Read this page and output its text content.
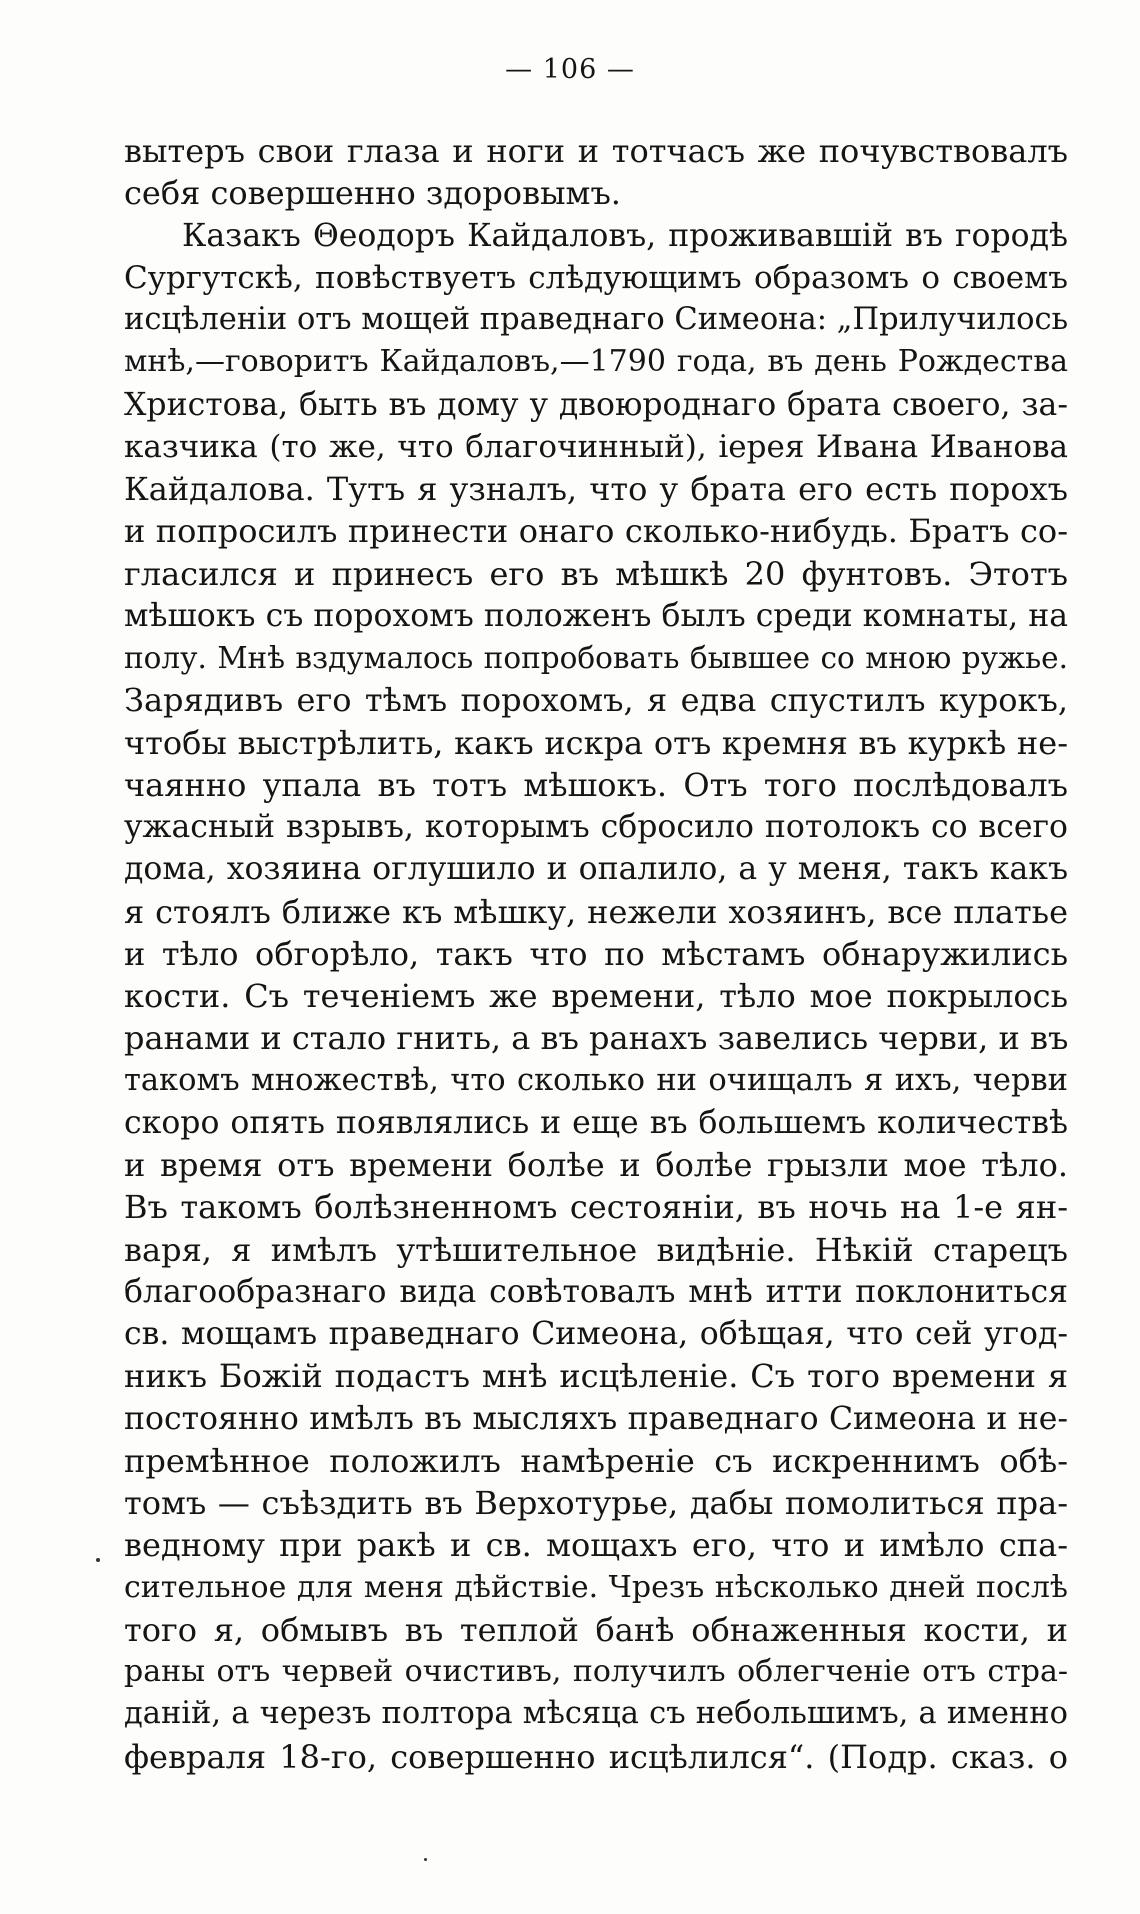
— 106 —
вытеръ свои глаза и ноги и тотчасъ же почувствовалъ
себя совершенно здоровымъ.
Казакъ Θеодоръ Кайдаловъ, проживавшій въ городѣ
Сургутскѣ, повѣствуетъ слѣдующимъ образомъ о своемъ
исцѣленіи отъ мощей праведнаго Симеона: „Прилучилось
мнѣ,—говоритъ Кайдаловъ,—1790 года, въ день Рождества
Христова, быть въ дому у двоюроднаго брата своего, за-
казчика (то же, что благочинный), іерея Ивана Иванова
Кайдалова. Тутъ я узналъ, что у брата его есть порохъ
и попросилъ принести онаго сколько-нибудь. Братъ со-
гласился и принесъ его въ мѣшкѣ 20 фунтовъ. Этотъ
мѣшокъ съ порохомъ положенъ былъ среди комнаты, на
полу. Мнѣ вздумалось попробовать бывшее со мною ружье.
Зарядивъ его тѣмъ порохомъ, я едва спустилъ курокъ,
чтобы выстрѣлить, какъ искра отъ кремня въ куркѣ не-
чаянно упала въ тотъ мѣшокъ. Отъ того послѣдовалъ
ужасный взрывъ, которымъ сбросило потолокъ со всего
дома, хозяина оглушило и опалило, а у меня, такъ какъ
я стоялъ ближе къ мѣшку, нежели хозяинъ, все платье
и тѣло обгорѣло, такъ что по мѣстамъ обнаружились
кости. Съ теченіемъ же времени, тѣло мое покрылось
ранами и стало гнить, а въ ранахъ завелись черви, и въ
такомъ множествѣ, что сколько ни очищалъ я ихъ, черви
скоро опять появлялись и еще въ большемъ количествѣ
и время отъ времени болѣе и болѣе грызли мое тѣло.
Въ такомъ болѣзненномъ сестояніи, въ ночь на 1-е ян-
варя, я имѣлъ утѣшительное видѣніе. Нѣкій старецъ
благообразнаго вида совѣтовалъ мнѣ итти поклониться
св. мощамъ праведнаго Симеона, обѣщая, что сей угод-
никъ Божій подастъ мнѣ исцѣленіе. Съ того времени я
постоянно имѣлъ въ мысляхъ праведнаго Симеона и не-
премѣнное положилъ намѣреніе съ искреннимъ обѣ-
томъ — съѣздить въ Верхотурье, дабы помолиться пра-
ведному при ракѣ и св. мощахъ его, что и имѣло спа-
сительное для меня дѣйствіе. Чрезъ нѣсколько дней послѣ
того я, обмывъ въ теплой банѣ обнаженныя кости, и
раны отъ червей очистивъ, получилъ облегченіе отъ стра-
даній, а черезъ полтора мѣсяца съ небольшимъ, а именно
февраля 18-го, совершенно исцѣлился“. (Подр. сказ. о
